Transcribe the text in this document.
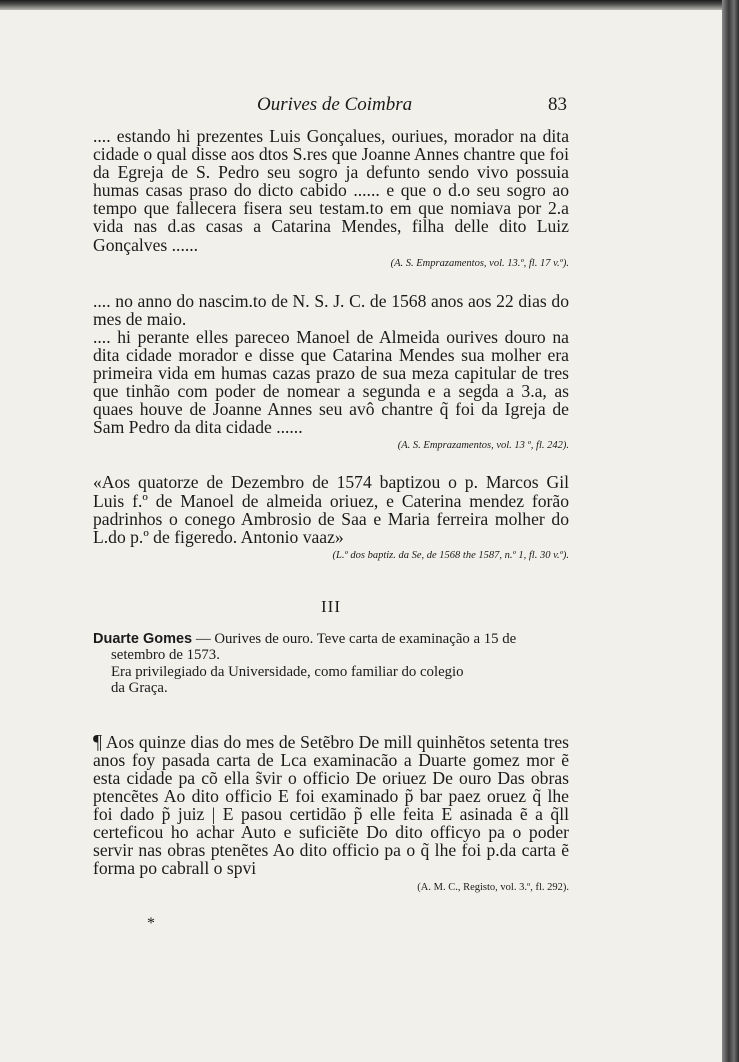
Ourives de Coimbra	83

.... estando hi prezentes Luis Gonçalues, ouriues, morador na dita cidade o qual disse aos dtos S.res que Joanne Annes chantre que foi da Egreja de S. Pedro seu sogro ja defunto sendo vivo possuia humas casas praso do dicto cabido ...... e que o d.o seu sogro ao tempo que fallecera fisera seu testam.to em que nomiava por 2.a vida nas d.as casas a Catarina Mendes, filha delle dito Luiz Gonçalves ......

(A. S. Emprazamentos, vol. 13.º, fl. 17 v.º).

.... no anno do nascim.to de N. S. J. C. de 1568 anos aos 22 dias do mes de maio.

.... hi perante elles pareceo Manoel de Almeida ourives douro na dita cidade morador e disse que Catarina Mendes sua molher era primeira vida em humas cazas prazo de sua meza capitular de tres que tinhão com poder de nomear a segunda e a segda a 3.a, as quaes houve de Joanne Annes seu avô chantre q̃ foi da Igreja de Sam Pedro da dita cidade ......

(A. S. Emprazamentos, vol. 13 º, fl. 242).

«Aos quatorze de Dezembro de 1574 baptizou o p. Marcos Gil Luis f.º de Manoel de almeida oriuez, e Caterina mendez forão padrinhos o conego Ambrosio de Saa e Maria ferreira molher do L.do p.º de figeredo. Antonio vaaz»

(L.º dos baptiz. da Se, de 1568 the 1587, n.º 1, fl. 30 v.º).

III
Duarte Gomes — Ourives de ouro. Teve carta de examinação a 15 de
setembro de 1573.
Era privilegiado da Universidade, como familiar do colegio
da Graça.

¶ Aos quinze dias do mes de Setẽbro De mill quinhẽtos setenta tres anos foy pasada carta de Lca examinacão a Duarte gomez mor ẽ esta cidade pa cõ ella s̃vir o officio De oriuez De ouro Das obras ptencẽtes Ao dito officio E foi examinado p̃ bar paez oruez q̃ lhe foi dado p̃ juiz | E pasou certidão p̃ elle feita E asinada ẽ a q̃ll certeficou ho achar Auto e suficiẽte Do dito officyo pa o poder servir nas obras ptenẽtes Ao dito officio pa o q̃ lhe foi p.da carta ẽ forma po cabrall o spvi

(A. M. C., Registo, vol. 3.º, fl. 292).

*
